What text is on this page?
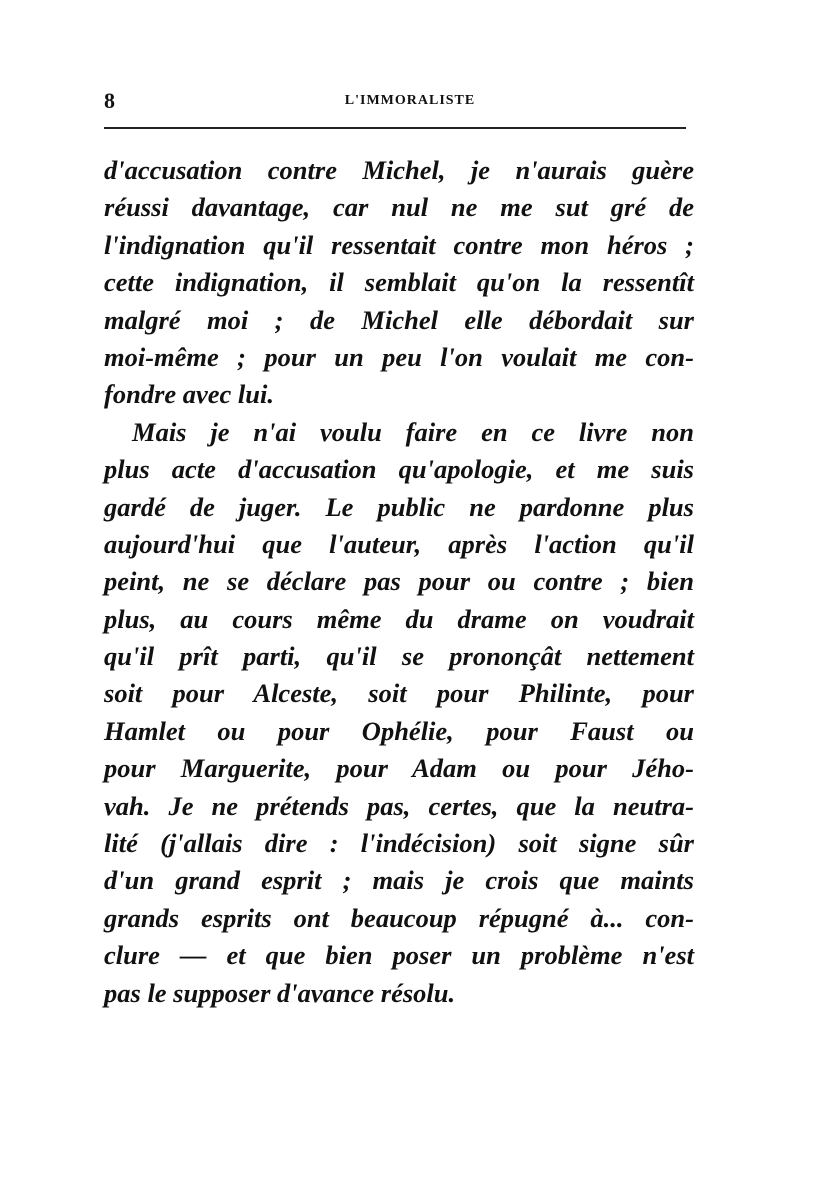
8	L'IMMORALISTE
d'accusation contre Michel, je n'aurais guère
réussi davantage, car nul ne me sut gré de
l'indignation qu'il ressentait contre mon héros ;
cette indignation, il semblait qu'on la ressentît
malgré moi ; de Michel elle débordait sur
moi-même ; pour un peu l'on voulait me con-
fondre avec lui.
Mais je n'ai voulu faire en ce livre non
plus acte d'accusation qu'apologie, et me suis
gardé de juger. Le public ne pardonne plus
aujourd'hui que l'auteur, après l'action qu'il
peint, ne se déclare pas pour ou contre ; bien
plus, au cours même du drame on voudrait
qu'il prît parti, qu'il se prononçât nettement
soit pour Alceste, soit pour Philinte, pour
Hamlet ou pour Ophélie, pour Faust ou
pour Marguerite, pour Adam ou pour Jého-
vah. Je ne prétends pas, certes, que la neutra-
lité (j'allais dire : l'indécision) soit signe sûr
d'un grand esprit ; mais je crois que maints
grands esprits ont beaucoup répugné à... con-
clure — et que bien poser un problème n'est
pas le supposer d'avance résolu.
